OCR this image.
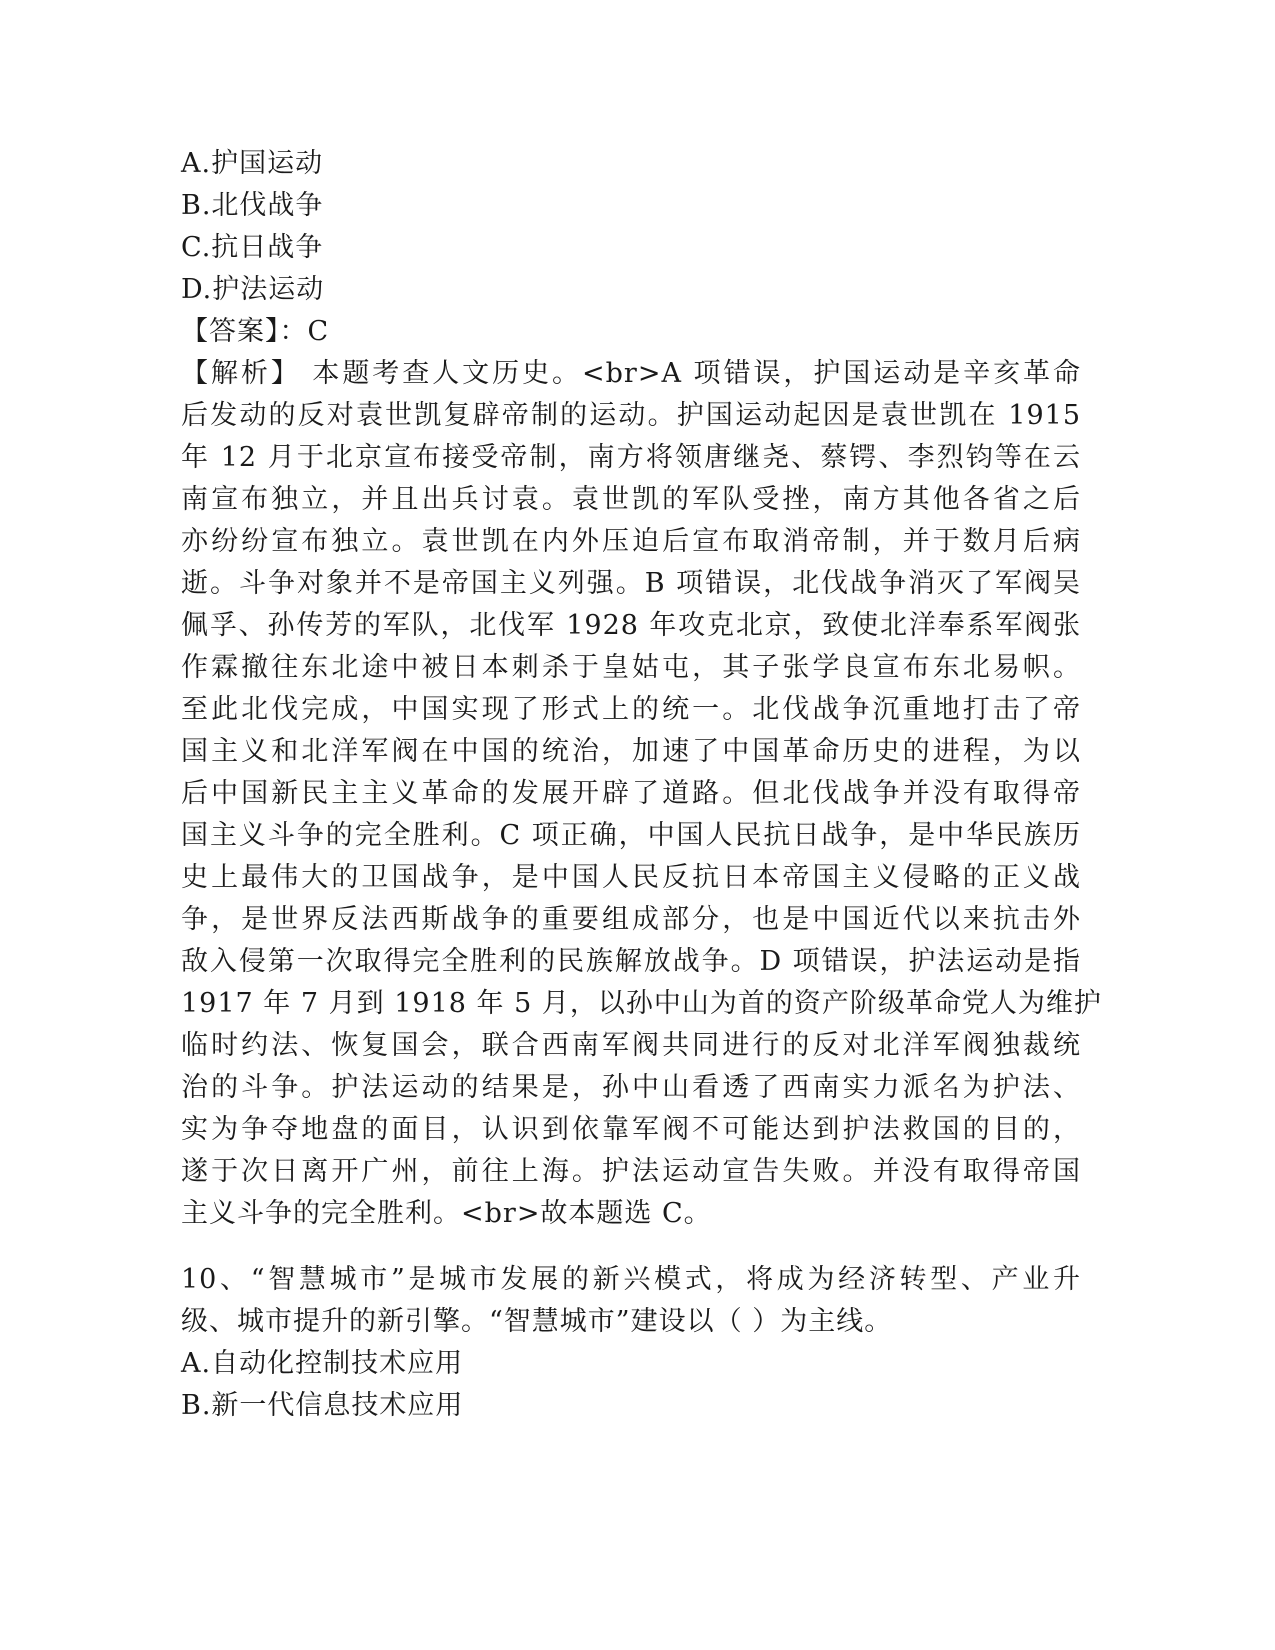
A.护国运动
B.北伐战争
C.抗日战争
D.护法运动
【答案】：C
【解析】 本题考查人文历史。<br>A 项错误，护国运动是辛亥革命
后发动的反对袁世凯复辟帝制的运动。护国运动起因是袁世凯在 1915
年 12 月于北京宣布接受帝制，南方将领唐继尧、蔡锷、李烈钧等在云
南宣布独立，并且出兵讨袁。袁世凯的军队受挫，南方其他各省之后
亦纷纷宣布独立。袁世凯在内外压迫后宣布取消帝制，并于数月后病
逝。斗争对象并不是帝国主义列强。B 项错误，北伐战争消灭了军阀吴
佩孚、孙传芳的军队，北伐军 1928 年攻克北京，致使北洋奉系军阀张
作霖撤往东北途中被日本刺杀于皇姑屯，其子张学良宣布东北易帜。
至此北伐完成，中国实现了形式上的统一。北伐战争沉重地打击了帝
国主义和北洋军阀在中国的统治，加速了中国革命历史的进程，为以
后中国新民主主义革命的发展开辟了道路。但北伐战争并没有取得帝
国主义斗争的完全胜利。C 项正确，中国人民抗日战争，是中华民族历
史上最伟大的卫国战争，是中国人民反抗日本帝国主义侵略的正义战
争，是世界反法西斯战争的重要组成部分，也是中国近代以来抗击外
敌入侵第一次取得完全胜利的民族解放战争。D 项错误，护法运动是指
1917 年 7 月到 1918 年 5 月，以孙中山为首的资产阶级革命党人为维护
临时约法、恢复国会，联合西南军阀共同进行的反对北洋军阀独裁统
治的斗争。护法运动的结果是，孙中山看透了西南实力派名为护法、
实为争夺地盘的面目，认识到依靠军阀不可能达到护法救国的目的，
遂于次日离开广州，前往上海。护法运动宣告失败。并没有取得帝国
主义斗争的完全胜利。<br>故本题选 C。
10、“智慧城市”是城市发展的新兴模式，将成为经济转型、产业升
级、城市提升的新引擎。“智慧城市”建设以（ ）为主线。
A.自动化控制技术应用
B.新一代信息技术应用
